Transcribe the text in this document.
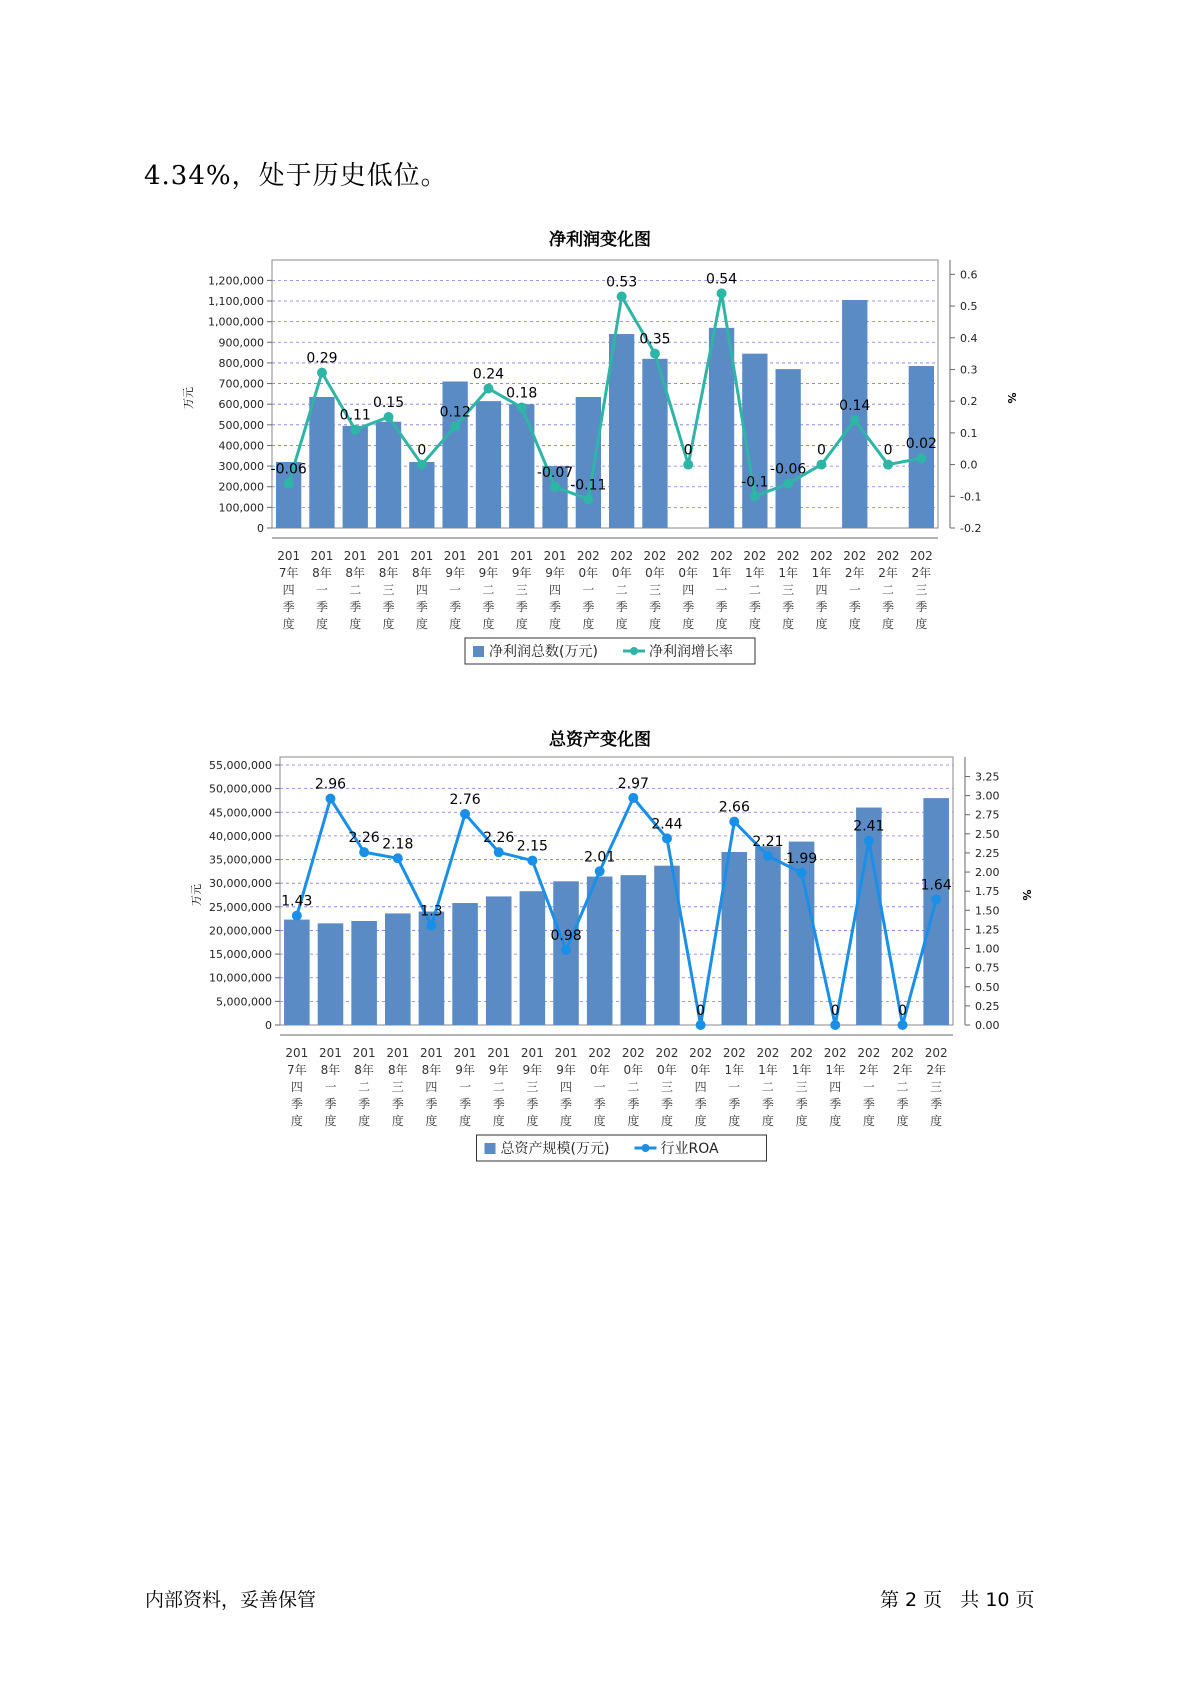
4.34%，处于历史低位。
净利润变化图
0
100,000
200,000
300,000
400,000
500,000
600,000
700,000
800,000
900,000
1,000,000
1,100,000
1,200,000
万元
-0.2
-0.1
0.0
0.1
0.2
0.3
0.4
0.5
0.6
%
201 7年四季度
201 8年一季度
201 8年二季度
201 8年三季度
201 8年四季度
201 9年一季度
201 9年二季度
201 9年三季度
201 9年四季度
202 0年一季度
202 0年二季度
202 0年三季度
202 0年四季度
202 1年一季度
202 1年二季度
202 1年三季度
202 1年四季度
202 2年一季度
202 2年二季度
202 2年三季度
-0.06
0.29
0.11
0.15
0
0.12
0.24
0.18
-0.07
-0.11
0.53
0.35
0
0.54
-0.1
-0.06
0
0.14
0 0.02
净利润总数(万元)	净利润增长率
总资产变化图
0
5,000,000
10,000,000
15,000,000
20,000,000
25,000,000
30,000,000
35,000,000
40,000,000
45,000,000
50,000,000
55,000,000
万元
0.00
0.25
0.50
0.75
1.00
1.25
1.50
1.75
2.00
2.25
2.50
2.75
3.00
3.25
%
201 7年四季度
201 8年一季度
201 8年二季度
201 8年三季度
201 8年四季度
201 9年一季度
201 9年二季度
201 9年三季度
201 9年四季度
202 0年一季度
202 0年二季度
202 0年三季度
202 0年四季度
202 1年一季度
202 1年二季度
202 1年三季度
202 1年四季度
202 2年一季度
202 2年二季度
202 2年三季度
1.43
2.96
2.26 2.18
1.3
2.76
2.26
2.15
0.98
2.01
2.97
2.44
0
2.66
2.21
1.99
0
2.41
0
1.64
总资产规模(万元)	行业ROA
内部资料，妥善保管	第 2 页   共 10 页
